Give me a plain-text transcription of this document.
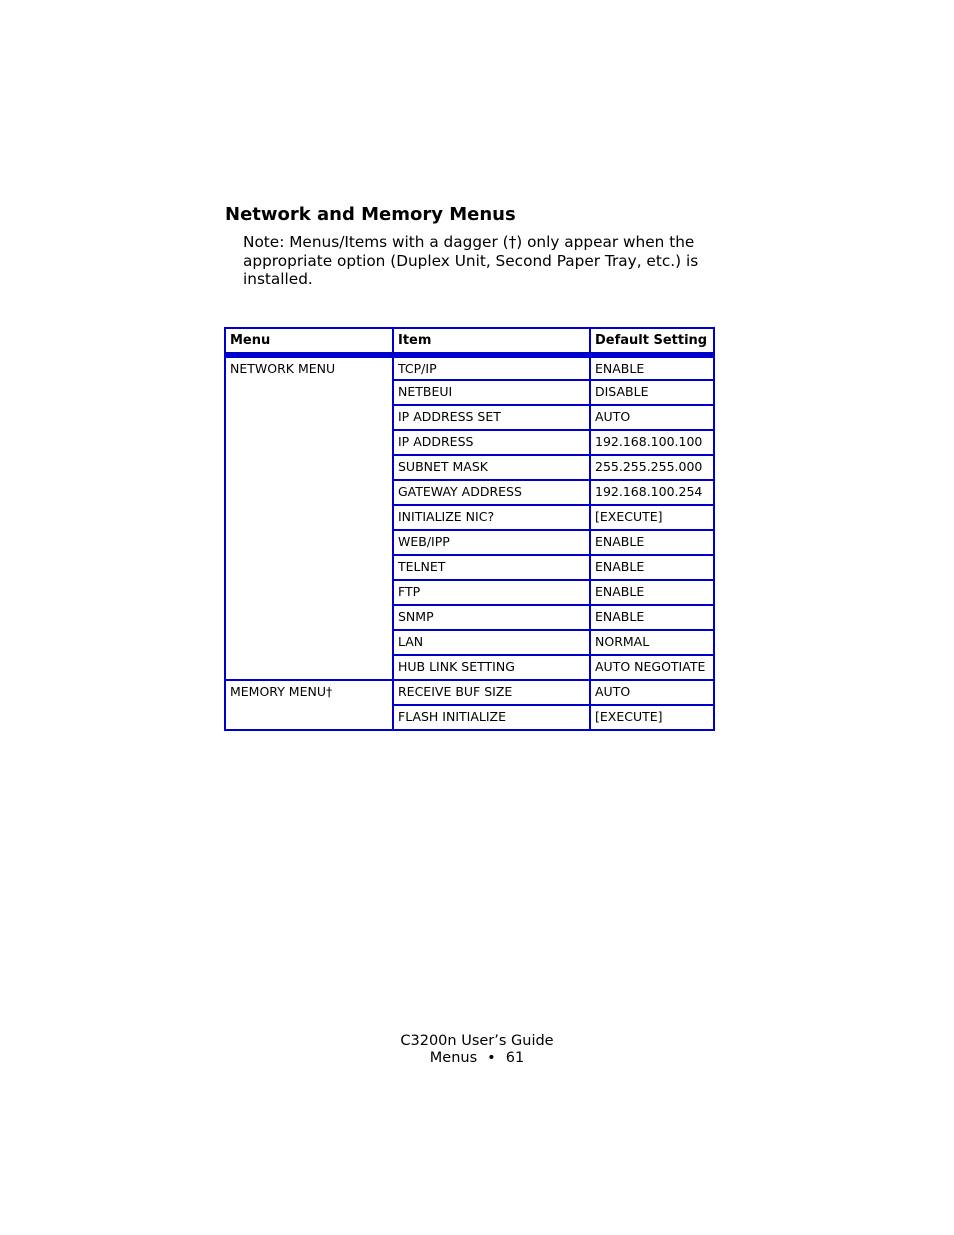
Network and Memory Menus

Note: Menus/Items with a dagger (†) only appear when the
appropriate option (Duplex Unit, Second Paper Tray, etc.) is
installed.

Menu	Item	Default Setting
NETWORK MENU	TCP/IP	ENABLE
	NETBEUI	DISABLE
	IP ADDRESS SET	AUTO
	IP ADDRESS	192.168.100.100
	SUBNET MASK	255.255.255.000
	GATEWAY ADDRESS	192.168.100.254
	INITIALIZE NIC?	[EXECUTE]
	WEB/IPP	ENABLE
	TELNET	ENABLE
	FTP	ENABLE
	SNMP	ENABLE
	LAN	NORMAL
	HUB LINK SETTING	AUTO NEGOTIATE
MEMORY MENU†	RECEIVE BUF SIZE	AUTO
	FLASH INITIALIZE	[EXECUTE]
C3200n User’s Guide
Menus • 61
